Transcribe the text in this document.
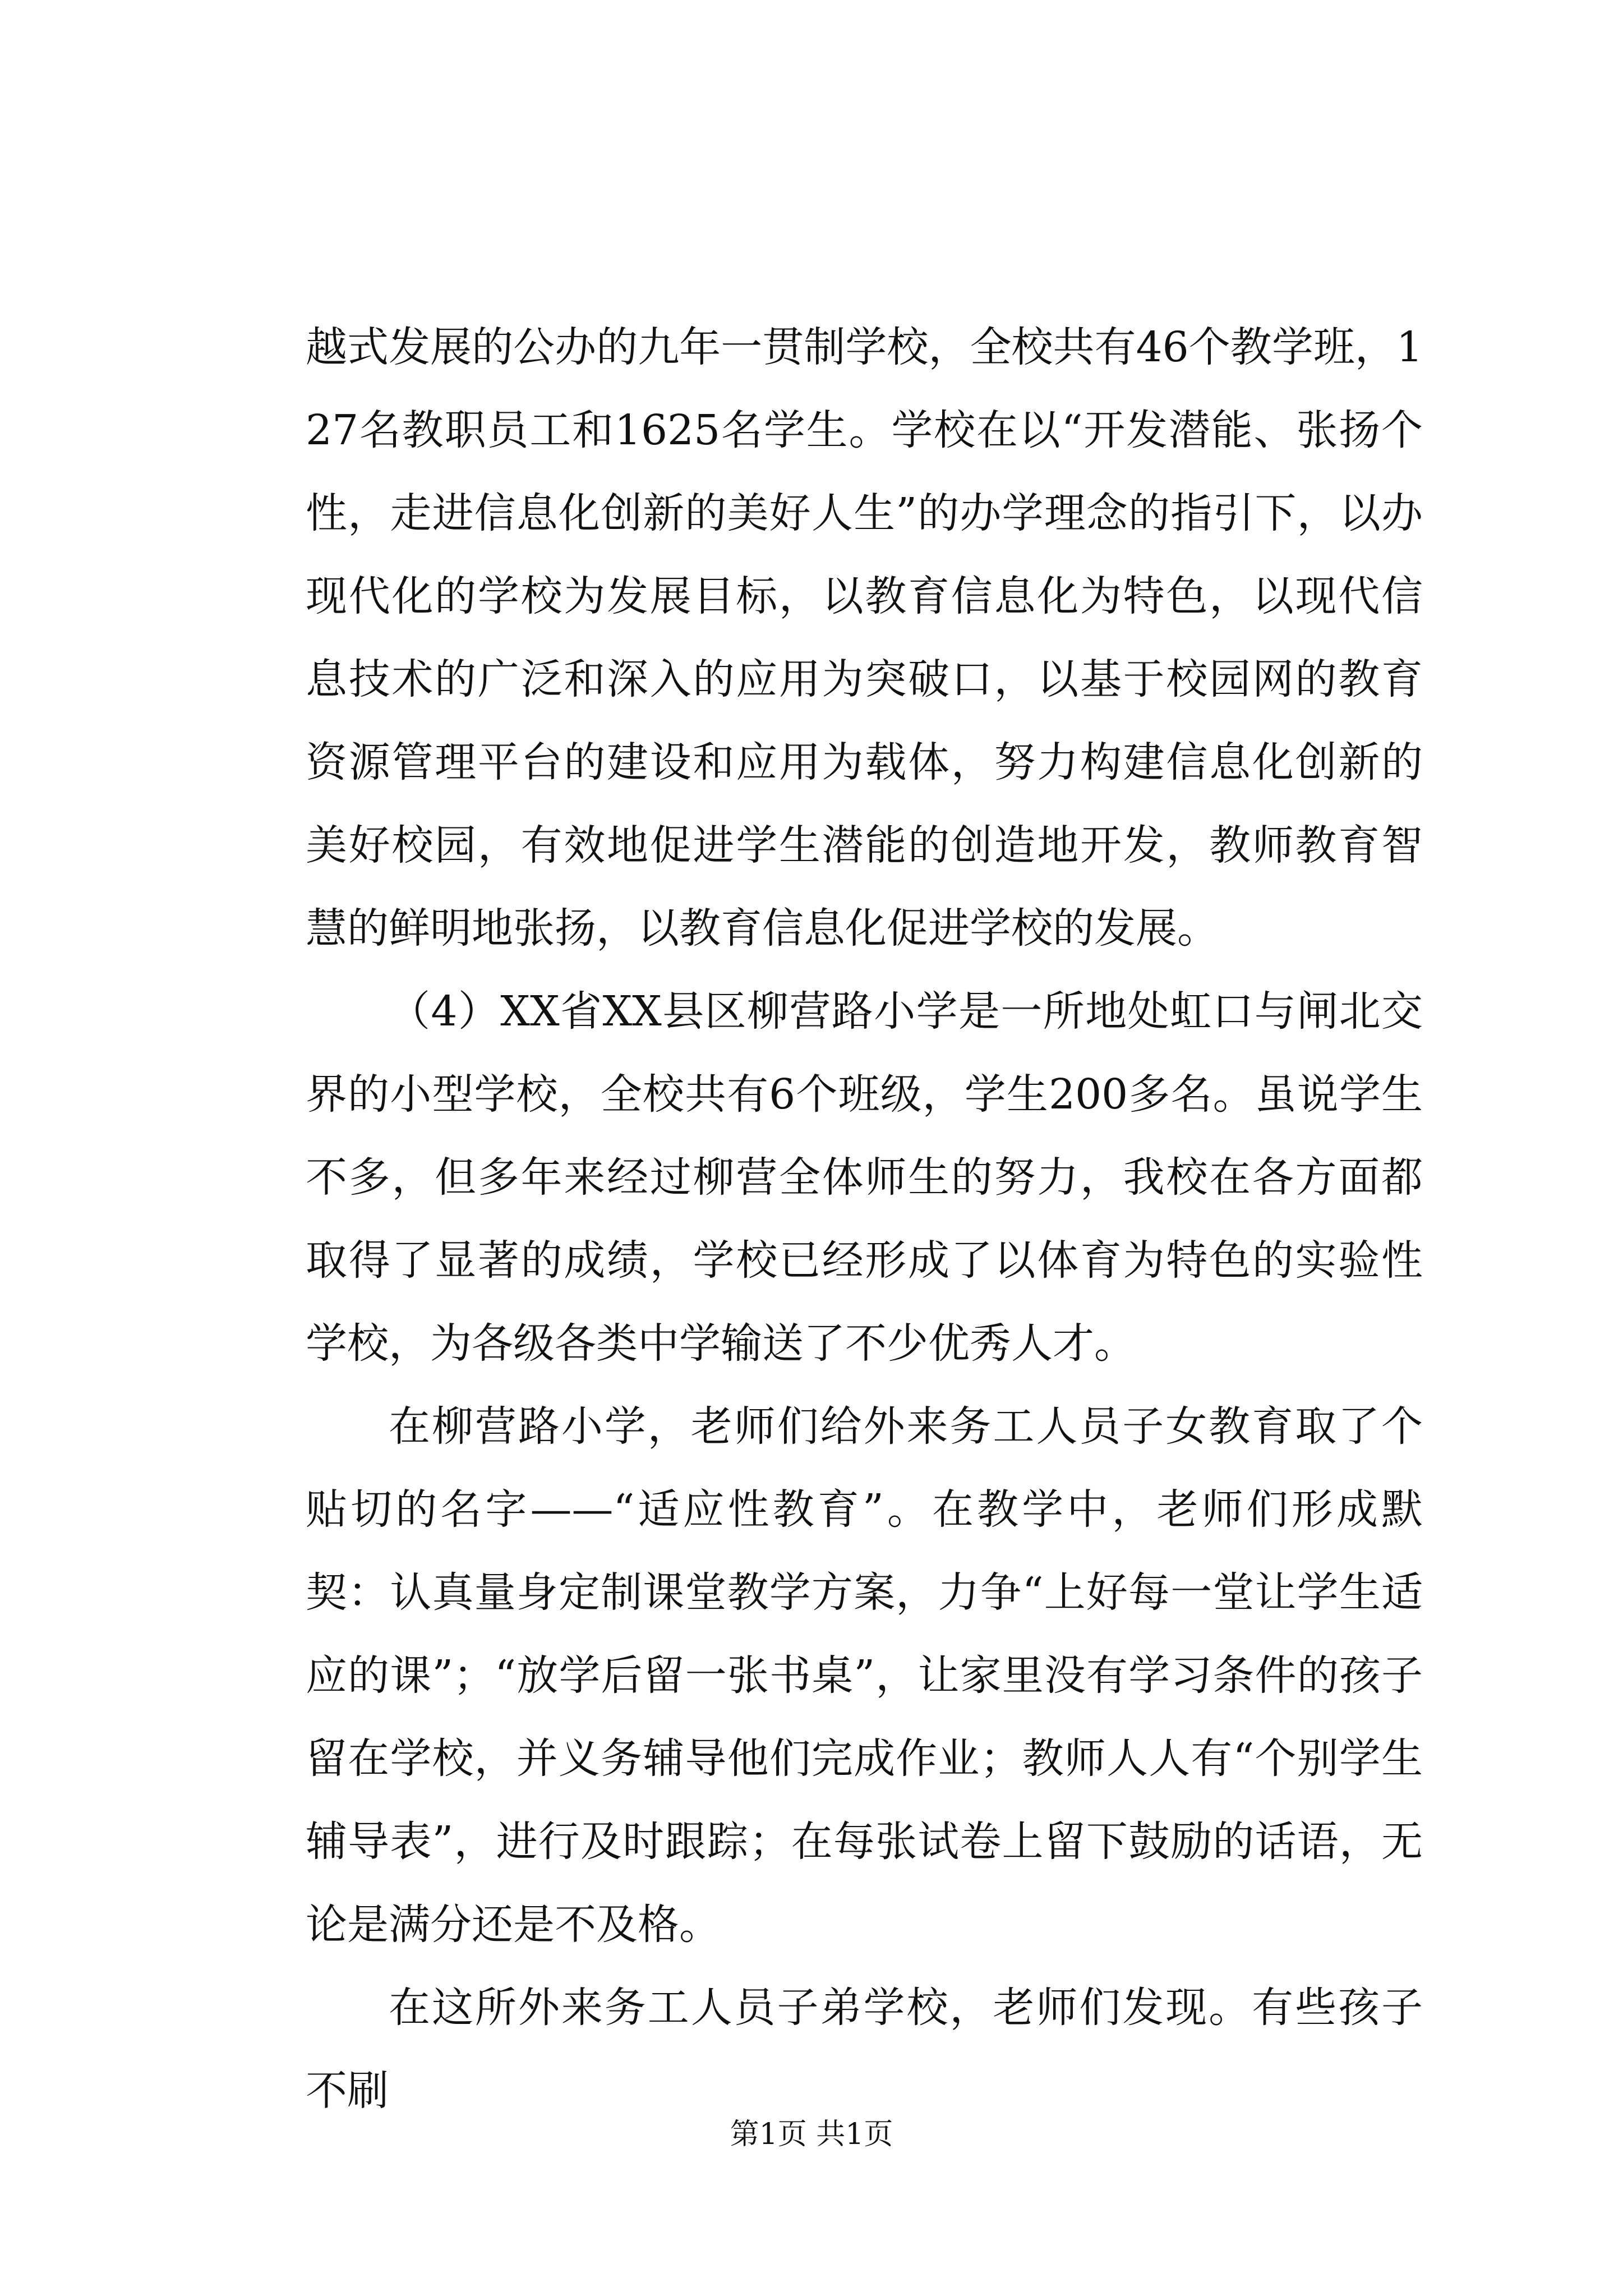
越式发展的公办的九年一贯制学校，全校共有46个教学班，127名教职员工和1625名学生。学校在以“开发潜能、张扬个性，走进信息化创新的美好人生”的办学理念的指引下，以办现代化的学校为发展目标，以教育信息化为特色，以现代信息技术的广泛和深入的应用为突破口，以基于校园网的教育资源管理平台的建设和应用为载体，努力构建信息化创新的美好校园，有效地促进学生潜能的创造地开发，教师教育智慧的鲜明地张扬，以教育信息化促进学校的发展。

（4）XX省XX县区柳营路小学是一所地处虹口与闸北交界的小型学校，全校共有6个班级，学生200多名。虽说学生不多，但多年来经过柳营全体师生的努力，我校在各方面都取得了显著的成绩，学校已经形成了以体育为特色的实验性学校，为各级各类中学输送了不少优秀人才。

在柳营路小学，老师们给外来务工人员子女教育取了个贴切的名字——“适应性教育”。在教学中，老师们形成默契：认真量身定制课堂教学方案，力争“上好每一堂让学生适应的课”；“放学后留一张书桌”，让家里没有学习条件的孩子留在学校，并义务辅导他们完成作业；教师人人有“个别学生辅导表”，进行及时跟踪；在每张试卷上留下鼓励的话语，无论是满分还是不及格。

在这所外来务工人员子弟学校，老师们发现。有些孩子不刷

第1页 共1页
